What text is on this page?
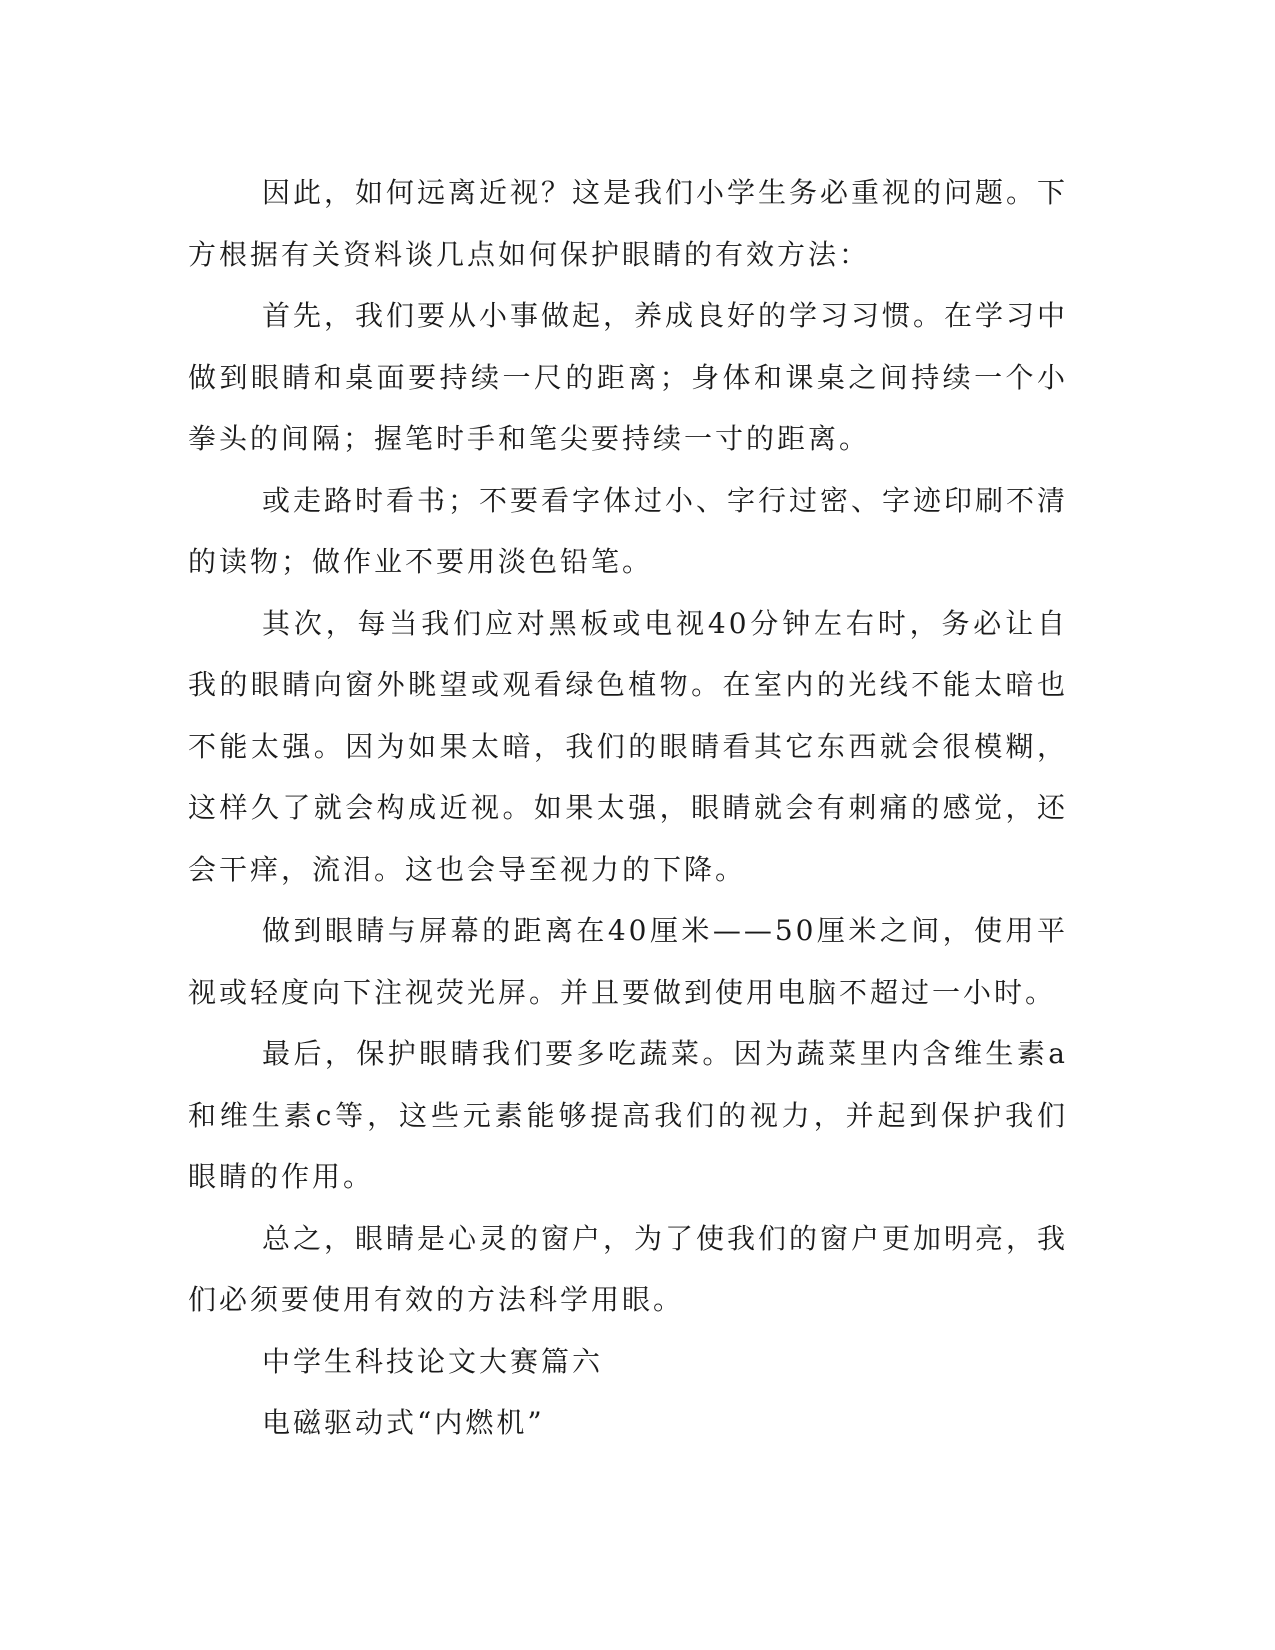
因此，如何远离近视？这是我们小学生务必重视的问题。下方根据有关资料谈几点如何保护眼睛的有效方法：

首先，我们要从小事做起，养成良好的学习习惯。在学习中做到眼睛和桌面要持续一尺的距离；身体和课桌之间持续一个小拳头的间隔；握笔时手和笔尖要持续一寸的距离。

或走路时看书；不要看字体过小、字行过密、字迹印刷不清的读物；做作业不要用淡色铅笔。

其次，每当我们应对黑板或电视40分钟左右时，务必让自我的眼睛向窗外眺望或观看绿色植物。在室内的光线不能太暗也不能太强。因为如果太暗，我们的眼睛看其它东西就会很模糊，这样久了就会构成近视。如果太强，眼睛就会有刺痛的感觉，还会干痒，流泪。这也会导至视力的下降。

做到眼睛与屏幕的距离在40厘米——50厘米之间，使用平视或轻度向下注视荧光屏。并且要做到使用电脑不超过一小时。

最后，保护眼睛我们要多吃蔬菜。因为蔬菜里内含维生素a和维生素c等，这些元素能够提高我们的视力，并起到保护我们眼睛的作用。

总之，眼睛是心灵的窗户，为了使我们的窗户更加明亮，我们必须要使用有效的方法科学用眼。

中学生科技论文大赛篇六

电磁驱动式“内燃机”
